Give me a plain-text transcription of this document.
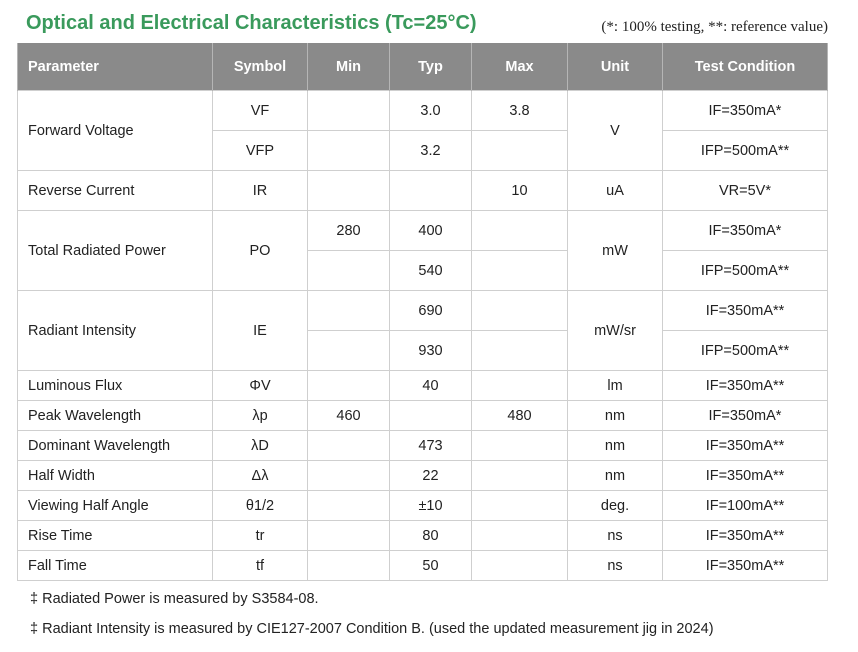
Optical and Electrical Characteristics (Tc=25°C)	(*: 100% testing, **: reference value)
Parameter	Symbol	Min	Typ	Max	Unit	Test Condition
Forward Voltage	VF		3.0	3.8	V	IF=350mA*
	VFP		3.2			IFP=500mA**
Reverse Current	IR			10	uA	VR=5V*
Total Radiated Power	PO	280	400		mW	IF=350mA*
			540			IFP=500mA**
Radiant Intensity	IE		690		mW/sr	IF=350mA**
			930			IFP=500mA**
Luminous Flux	ΦV		40		lm	IF=350mA**
Peak Wavelength	λp	460		480	nm	IF=350mA*
Dominant Wavelength	λD		473		nm	IF=350mA**
Half Width	Δλ		22		nm	IF=350mA**
Viewing Half Angle	θ1/2		±10		deg.	IF=100mA**
Rise Time	tr		80		ns	IF=350mA**
Fall Time	tf		50		ns	IF=350mA**
‡ Radiated Power is measured by S3584-08.
‡ Radiant Intensity is measured by CIE127-2007 Condition B. (used the updated measurement jig in 2024)
